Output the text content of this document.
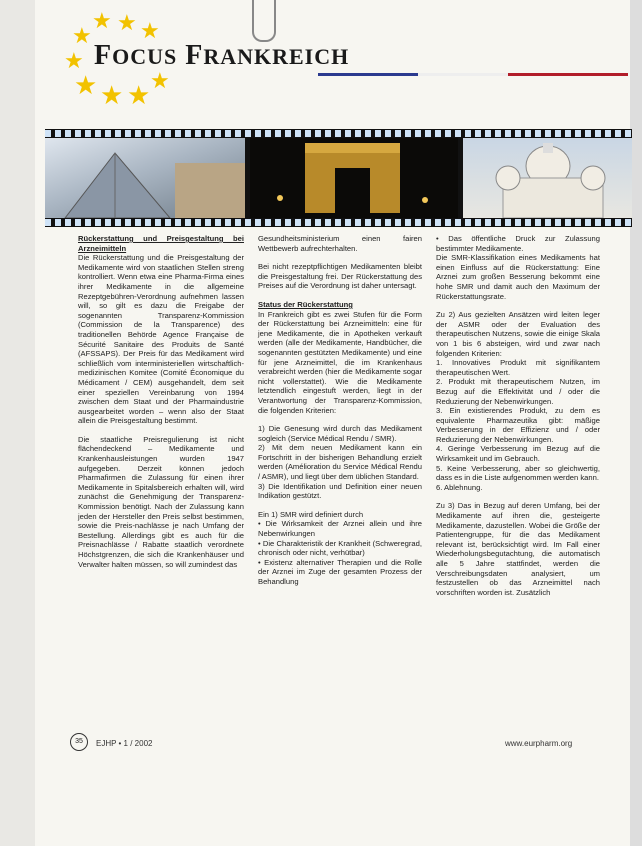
★ ★ ★
★
★
★ ★ ★ ★
FOCUS FRANKREICH

Rückerstattung und Preisgestaltung bei Arzneimitteln

Die Rückerstattung und die Preisgestaltung der Medikamente wird von staatlichen Stellen streng kontrolliert. Wenn etwa eine Pharma-Firma eines ihrer Medikamente in die allgemeine Rezeptgebühren-Verordnung aufnehmen lassen will, so gilt es dazu die Freigabe der sogenannten Transparenz-Kommission (Commission de la Transparence) des traditionellen Behörde Agence Française de Sécurité Sanitaire des Produits de Santé (AFSSAPS). Der Preis für das Medikament wird schließlich vom interministeriellen wirtschaftlich-medizinischen Komitee (Comité Économique du Médicament / CEM) ausgehandelt, dem seit einer speziellen Vereinbarung von 1994 zwischen dem Staat und der Pharmaindustrie ausgearbeitet worden – wenn also der Staat allein die Preisgestaltung bestimmt.

Die staatliche Preisregulierung ist nicht flächendeckend – Medikamente und Krankenhausleistungen wurden 1947 aufgegeben. Derzeit können jedoch Pharmafirmen die Zulassung für einen ihrer Medikamente in Spitalsbereich erhalten will, wird zunächst die Genehmigung der Transparenz-Kommission benötigt. Nach der Zulassung kann jeden der Hersteller den Preis selbst bestimmen, sowie die Preis-nachlässe je nach Umfang der Bestellung. Allerdings gibt es auch für die Preisnachlässe / Rabatte staatlich verordnete Höchstgrenzen, die sich die Krankenhäuser und Verwalter halten müssen, so will zumindest das

Gesundheitsministerium einen fairen Wettbewerb aufrechterhalten.

Bei nicht rezeptpflichtigen Medikamenten bleibt die Preisgestaltung frei. Der Rückerstattung des Preises auf die Verordnung ist daher untersagt.

Status der Rückerstattung

In Frankreich gibt es zwei Stufen für die Form der Rückerstattung bei Arzneimitteln: eine für jene Medikamente, die in Apotheken verkauft werden (alle der Medikamente, Handbücher, die sogenannten gestützten Medikamente) und eine für jene Arzneimittel, die im Krankenhaus verabreicht werden (hier die Medikamente sogar nicht vollerstattet). Wie die Medikamente letztendlich eingestuft werden, liegt in der Verantwortung der Transparenz-Kommission, die folgenden Kriterien:

1) Die Genesung wird durch das Medikament sogleich (Service Médical Rendu / SMR).

2) Mit dem neuen Medikament kann ein Fortschritt in der bisherigen Behandlung erzielt werden (Amélioration du Service Médical Rendu / ASMR), und liegt über dem üblichen Standard.

3) Die Identifikation und Definition einer neuen Indikation gestützt.

Ein 1) SMR wird definiert durch

• Die Wirksamkeit der Arznei allein und ihre Nebenwirkungen

• Die Charakteristik der Krankheit (Schweregrad, chronisch oder nicht, verhütbar)

• Existenz alternativer Therapien und die Rolle der Arznei im Zuge der gesamten Prozess der Behandlung

• Das öffentliche Druck zur Zulassung bestimmter Medikamente.

Die SMR-Klassifikation eines Medikaments hat einen Einfluss auf die Rückerstattung: Eine Arznei zum großen Besserung bekommt eine hohe SMR und damit auch den Maximum der Rückerstattungsrate.

Zu 2) Aus gezielten Ansätzen wird leiten leger der ASMR oder der Evaluation des therapeutischen Nutzens, sowie die einige Skala von 1 bis 6 absteigen, wird und zwar nach folgenden Kriterien:

1. Innovatives Produkt mit signifikantem therapeutischen Wert.

2. Produkt mit therapeutischem Nutzen, im Bezug auf die Effektivität und / oder die Reduzierung der Nebenwirkungen.

3. Ein existierendes Produkt, zu dem es equivalente Pharmazeutika gibt: mäßige Verbesserung in der Effizienz und / oder Reduzierung der Nebenwirkungen.

4. Geringe Verbesserung im Bezug auf die Wirksamkeit und im Gebrauch.

5. Keine Verbesserung, aber so gleichwertig, dass es in die Liste aufgenommen werden kann.

6. Ablehnung.

Zu 3) Das in Bezug auf deren Umfang, bei der Medikamente auf ihren die, gesteigerte Medikamente, dazustellen. Wobei die Größe der Patientengruppe, für die das Medikament relevant ist, berücksichtigt wird. Im Fall einer Wiederholungsbegutachtung, die automatisch alle 5 Jahre stattfindet, werden die Verschreibungsdaten analysiert, um festzustellen ob das Arzneimittel nach vorschriften worden ist. Zusätzlich

35	EJHP • 1 / 2002	www.eurpharm.org
